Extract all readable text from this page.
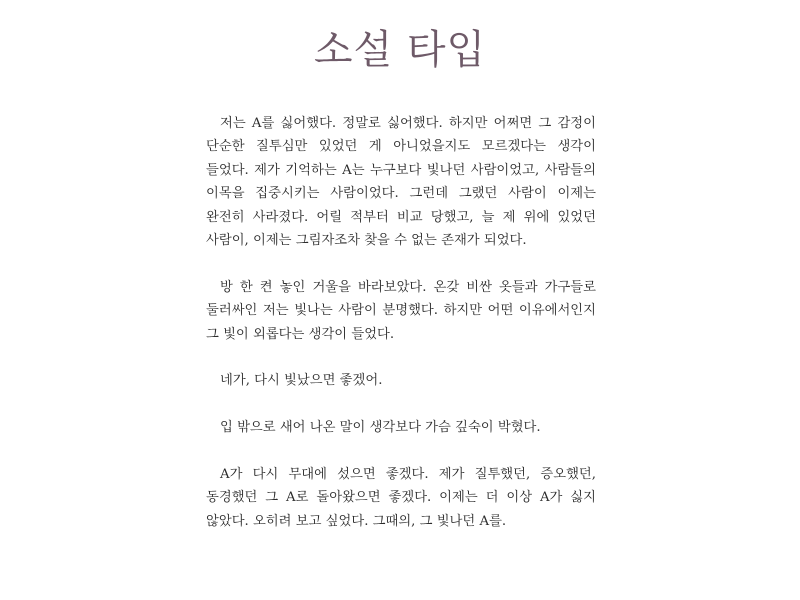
소설 타입

저는 A를 싫어했다. 정말로 싫어했다. 하지만 어쩌면 그 감정이 단순한 질투심만 있었던 게 아니었을지도 모르겠다는 생각이 들었다. 제가 기억하는 A는 누구보다 빛나던 사람이었고, 사람들의 이목을 집중시키는 사람이었다. 그런데 그랬던 사람이 이제는 완전히 사라졌다. 어릴 적부터 비교 당했고, 늘 제 위에 있었던 사람이, 이제는 그림자조차 찾을 수 없는 존재가 되었다.

방 한 켠 놓인 거울을 바라보았다. 온갖 비싼 옷들과 가구들로 둘러싸인 저는 빛나는 사람이 분명했다. 하지만 어떤 이유에서인지 그 빛이 외롭다는 생각이 들었다.

네가, 다시 빛났으면 좋겠어.

입 밖으로 새어 나온 말이 생각보다 가슴 깊숙이 박혔다.

A가 다시 무대에 섰으면 좋겠다. 제가 질투했던, 증오했던, 동경했던 그 A로 돌아왔으면 좋겠다. 이제는 더 이상 A가 싫지 않았다. 오히려 보고 싶었다. 그때의, 그 빛나던 A를.
